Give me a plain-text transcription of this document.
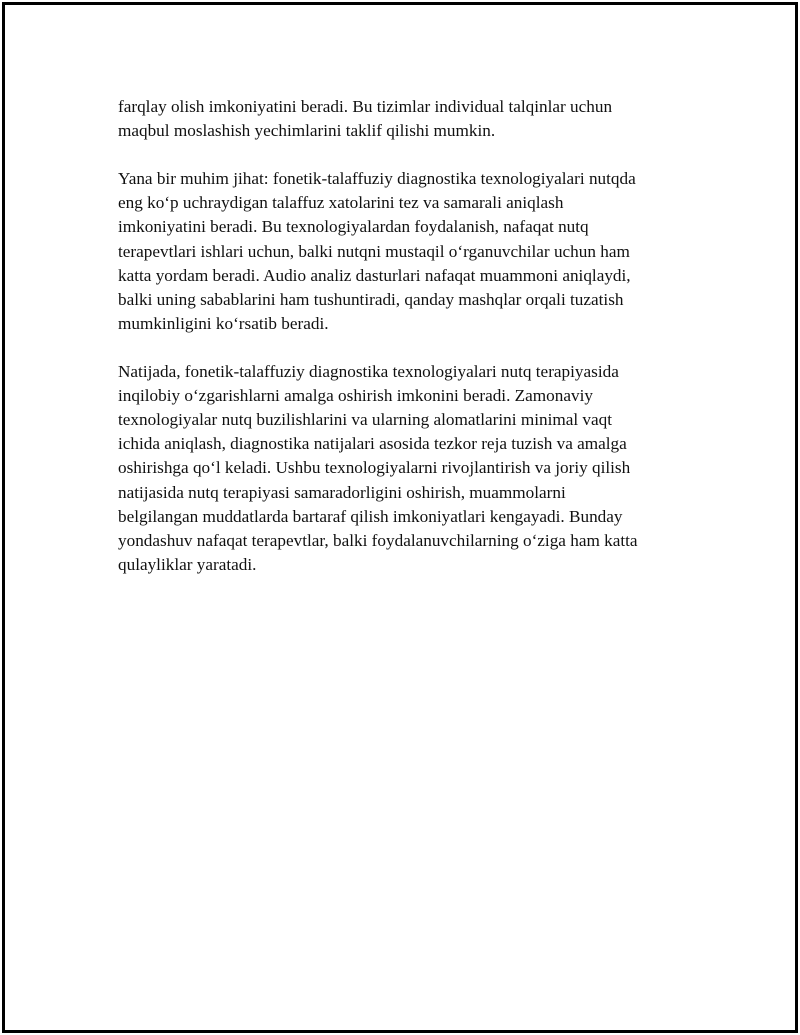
farqlay olish imkoniyatini beradi. Bu tizimlar individual talqinlar uchun
maqbul moslashish yechimlarini taklif qilishi mumkin.

Yana bir muhim jihat: fonetik-talaffuziy diagnostika texnologiyalari nutqda
eng koʻp uchraydigan talaffuz xatolarini tez va samarali aniqlash
imkoniyatini beradi. Bu texnologiyalardan foydalanish, nafaqat nutq
terapevtlari ishlari uchun, balki nutqni mustaqil oʻrganuvchilar uchun ham
katta yordam beradi. Audio analiz dasturlari nafaqat muammoni aniqlaydi,
balki uning sabablarini ham tushuntiradi, qanday mashqlar orqali tuzatish
mumkinligini koʻrsatib beradi.

Natijada, fonetik-talaffuziy diagnostika texnologiyalari nutq terapiyasida
inqilobiy oʻzgarishlarni amalga oshirish imkonini beradi. Zamonaviy
texnologiyalar nutq buzilishlarini va ularning alomatlarini minimal vaqt
ichida aniqlash, diagnostika natijalari asosida tezkor reja tuzish va amalga
oshirishga qoʻl keladi. Ushbu texnologiyalarni rivojlantirish va joriy qilish
natijasida nutq terapiyasi samaradorligini oshirish, muammolarni
belgilangan muddatlarda bartaraf qilish imkoniyatlari kengayadi. Bunday
yondashuv nafaqat terapevtlar, balki foydalanuvchilarning oʻziga ham katta
qulayliklar yaratadi.
